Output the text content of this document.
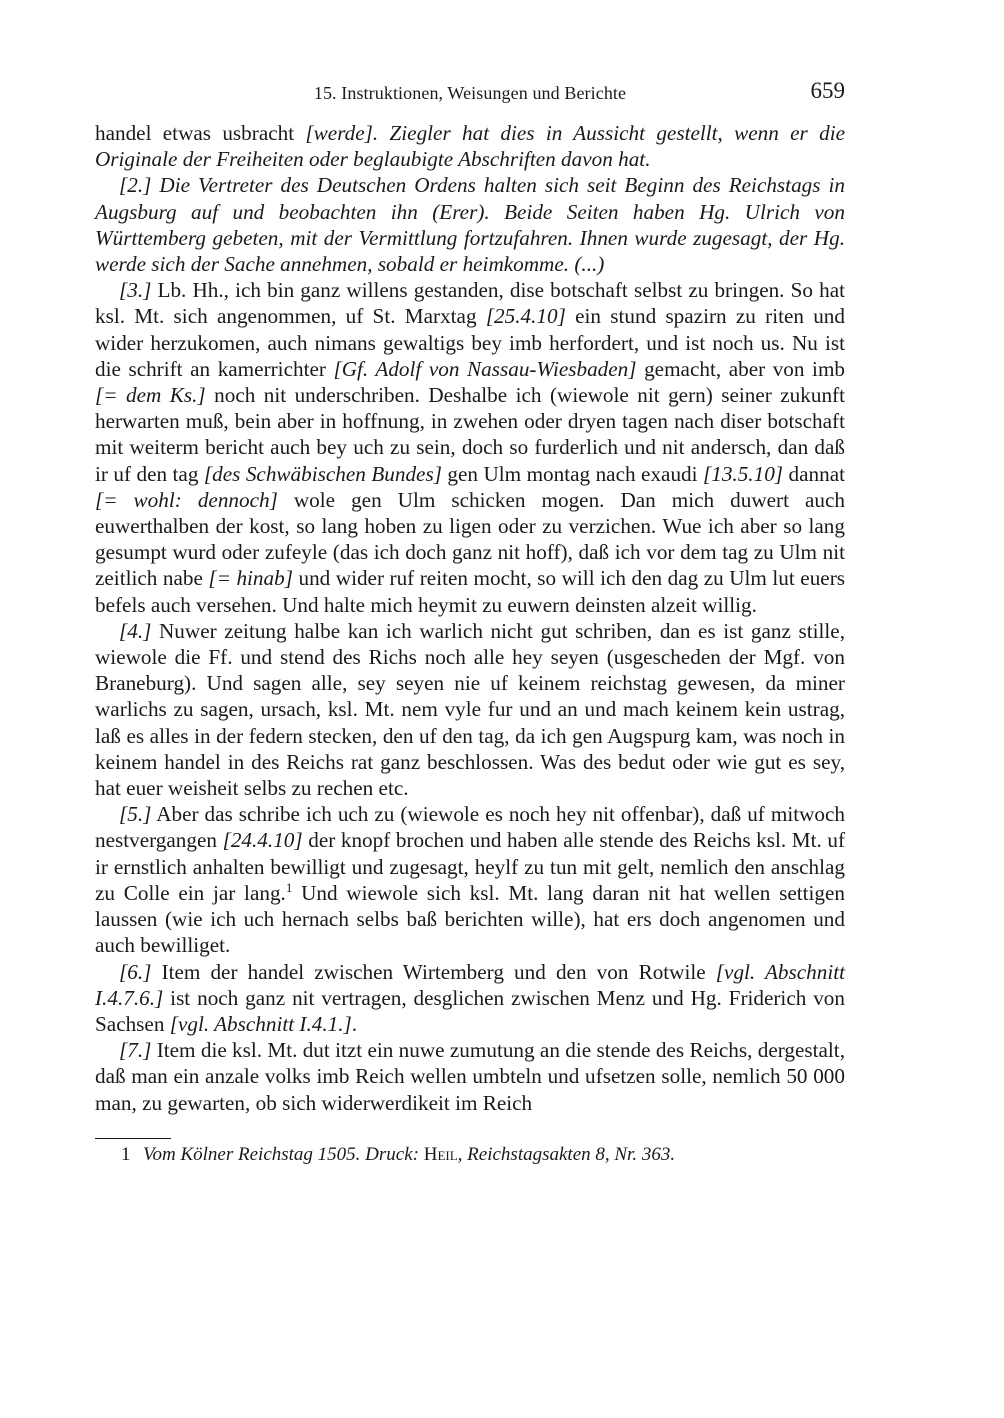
15. Instruktionen, Weisungen und Berichte	659

handel etwas usbracht [werde]. Ziegler hat dies in Aussicht gestellt, wenn er die Originale der Freiheiten oder beglaubigte Abschriften davon hat.

[2.] Die Vertreter des Deutschen Ordens halten sich seit Beginn des Reichstags in Augsburg auf und beobachten ihn (Erer). Beide Seiten haben Hg. Ulrich von Württemberg gebeten, mit der Vermittlung fortzufahren. Ihnen wurde zugesagt, der Hg. werde sich der Sache annehmen, sobald er heimkomme. (...)

[3.] Lb. Hh., ich bin ganz willens gestanden, dise botschaft selbst zu bringen. So hat ksl. Mt. sich angenommen, uf St. Marxtag [25.4.10] ein stund spazirn zu riten und wider herzukomen, auch nimans gewaltigs bey imb herfordert, und ist noch us. Nu ist die schrift an kamerrichter [Gf. Adolf von Nassau-Wiesbaden] gemacht, aber von imb [= dem Ks.] noch nit underschriben. Deshalbe ich (wiewole nit gern) seiner zukunft herwarten muß, bein aber in hoffnung, in zwehen oder dryen tagen nach diser botschaft mit weiterm bericht auch bey uch zu sein, doch so furderlich und nit andersch, dan daß ir uf den tag [des Schwäbischen Bundes] gen Ulm montag nach exaudi [13.5.10] dannat [= wohl: dennoch] wole gen Ulm schicken mogen. Dan mich duwert auch euwerthalben der kost, so lang hoben zu ligen oder zu verzichen. Wue ich aber so lang gesumpt wurd oder zufeyle (das ich doch ganz nit hoff), daß ich vor dem tag zu Ulm nit zeitlich nabe [= hinab] und wider ruf reiten mocht, so will ich den dag zu Ulm lut euers befels auch versehen. Und halte mich heymit zu euwern deinsten alzeit willig.

[4.] Nuwer zeitung halbe kan ich warlich nicht gut schriben, dan es ist ganz stille, wiewole die Ff. und stend des Richs noch alle hey seyen (usgescheden der Mgf. von Braneburg). Und sagen alle, sey seyen nie uf keinem reichstag gewesen, da miner warlichs zu sagen, ursach, ksl. Mt. nem vyle fur und an und mach keinem kein ustrag, laß es alles in der federn stecken, den uf den tag, da ich gen Augspurg kam, was noch in keinem handel in des Reichs rat ganz beschlossen. Was des bedut oder wie gut es sey, hat euer weisheit selbs zu rechen etc.

[5.] Aber das schribe ich uch zu (wiewole es noch hey nit offenbar), daß uf mitwoch nestvergangen [24.4.10] der knopf brochen und haben alle stende des Reichs ksl. Mt. uf ir ernstlich anhalten bewilligt und zugesagt, heylf zu tun mit gelt, nemlich den anschlag zu Colle ein jar lang.$^1$ Und wiewole sich ksl. Mt. lang daran nit hat wellen settigen laussen (wie ich uch hernach selbs baß berichten wille), hat ers doch angenomen und auch bewilliget.

[6.] Item der handel zwischen Wirtemberg und den von Rotwile [vgl. Abschnitt I.4.7.6.] ist noch ganz nit vertragen, desglichen zwischen Menz und Hg. Friderich von Sachsen [vgl. Abschnitt I.4.1.].

[7.] Item die ksl. Mt. dut itzt ein nuwe zumutung an die stende des Reichs, dergestalt, daß man ein anzale volks imb Reich wellen umbteln und ufsetzen solle, nemlich 50 000 man, zu gewarten, ob sich widerwerdikeit im Reich

1 Vom Kölner Reichstag 1505. Druck: Heil, Reichstagsakten 8, Nr. 363.
